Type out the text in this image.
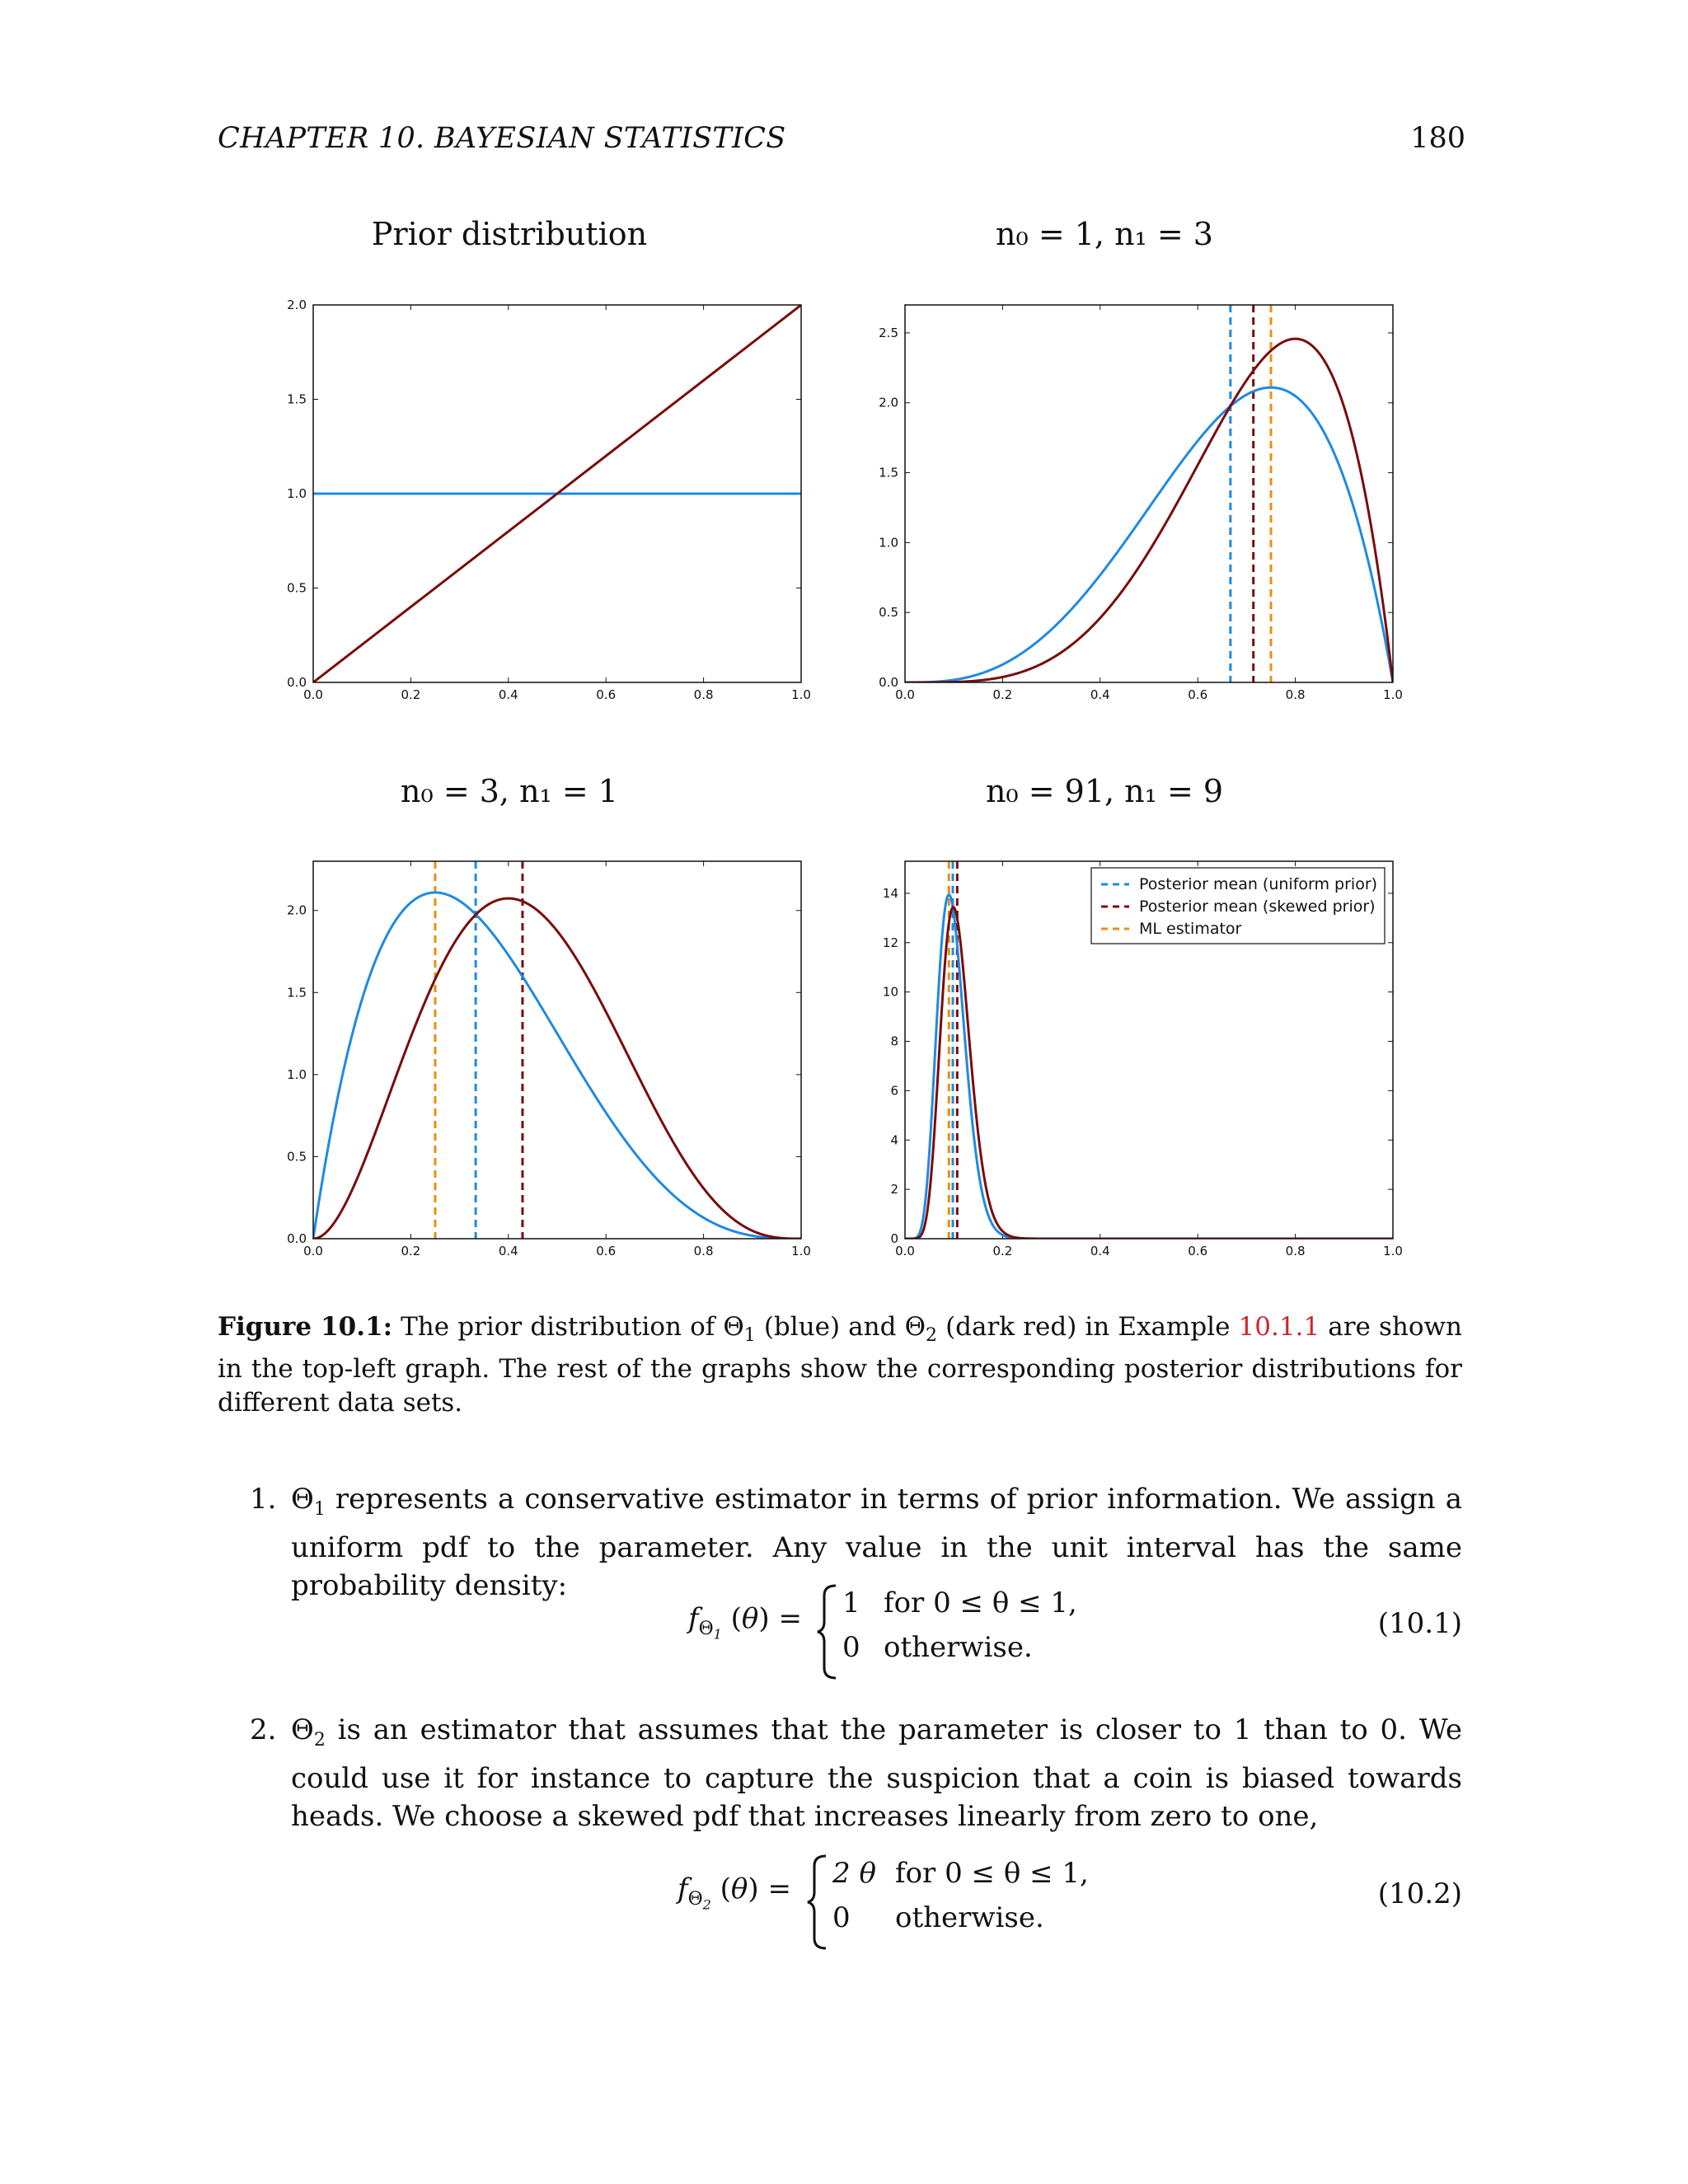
CHAPTER 10. BAYESIAN STATISTICS	180
Prior distribution	n₀ = 1, n₁ = 3
n₀ = 3, n₁ = 1	n₀ = 91, n₁ = 9
0.0	0.2	0.4	0.6	0.8	1.0
0.0
0.5
1.0
1.5
2.0
0.0	0.2	0.4	0.6	0.8	1.0
0.0
0.5
1.0
1.5
2.0
2.5
0.0	0.2	0.4	0.6	0.8	1.0
0.0
0.5
1.0
1.5
2.0
0.0	0.2	0.4	0.6	0.8	1.0
0
2
4
6
8
10
12
14	Posterior mean (uniform prior)
Posterior mean (skewed prior)
ML estimator
Figure 10.1: The prior distribution of $\Theta_1$ (blue) and $\Theta_2$ (dark red) in Example 10.1.1 are shown in the top-left graph. The rest of the graphs show the corresponding posterior distributions for different data sets.
1. $\Theta_1$ represents a conservative estimator in terms of prior information. We assign a uniform pdf to the parameter. Any value in the unit interval has the same probability density:
$f_{\Theta_1}$ (θ) = 1 for 0 ≤ θ ≤ 1,
0 otherwise.
(10.1)
2. $\Theta_2$ is an estimator that assumes that the parameter is closer to 1 than to 0. We could use it for instance to capture the suspicion that a coin is biased towards heads. We choose a skewed pdf that increases linearly from zero to one,
$f_{\Theta_2}$ (θ) = 2 θ for 0 ≤ θ ≤ 1,
0 otherwise.
(10.2)
